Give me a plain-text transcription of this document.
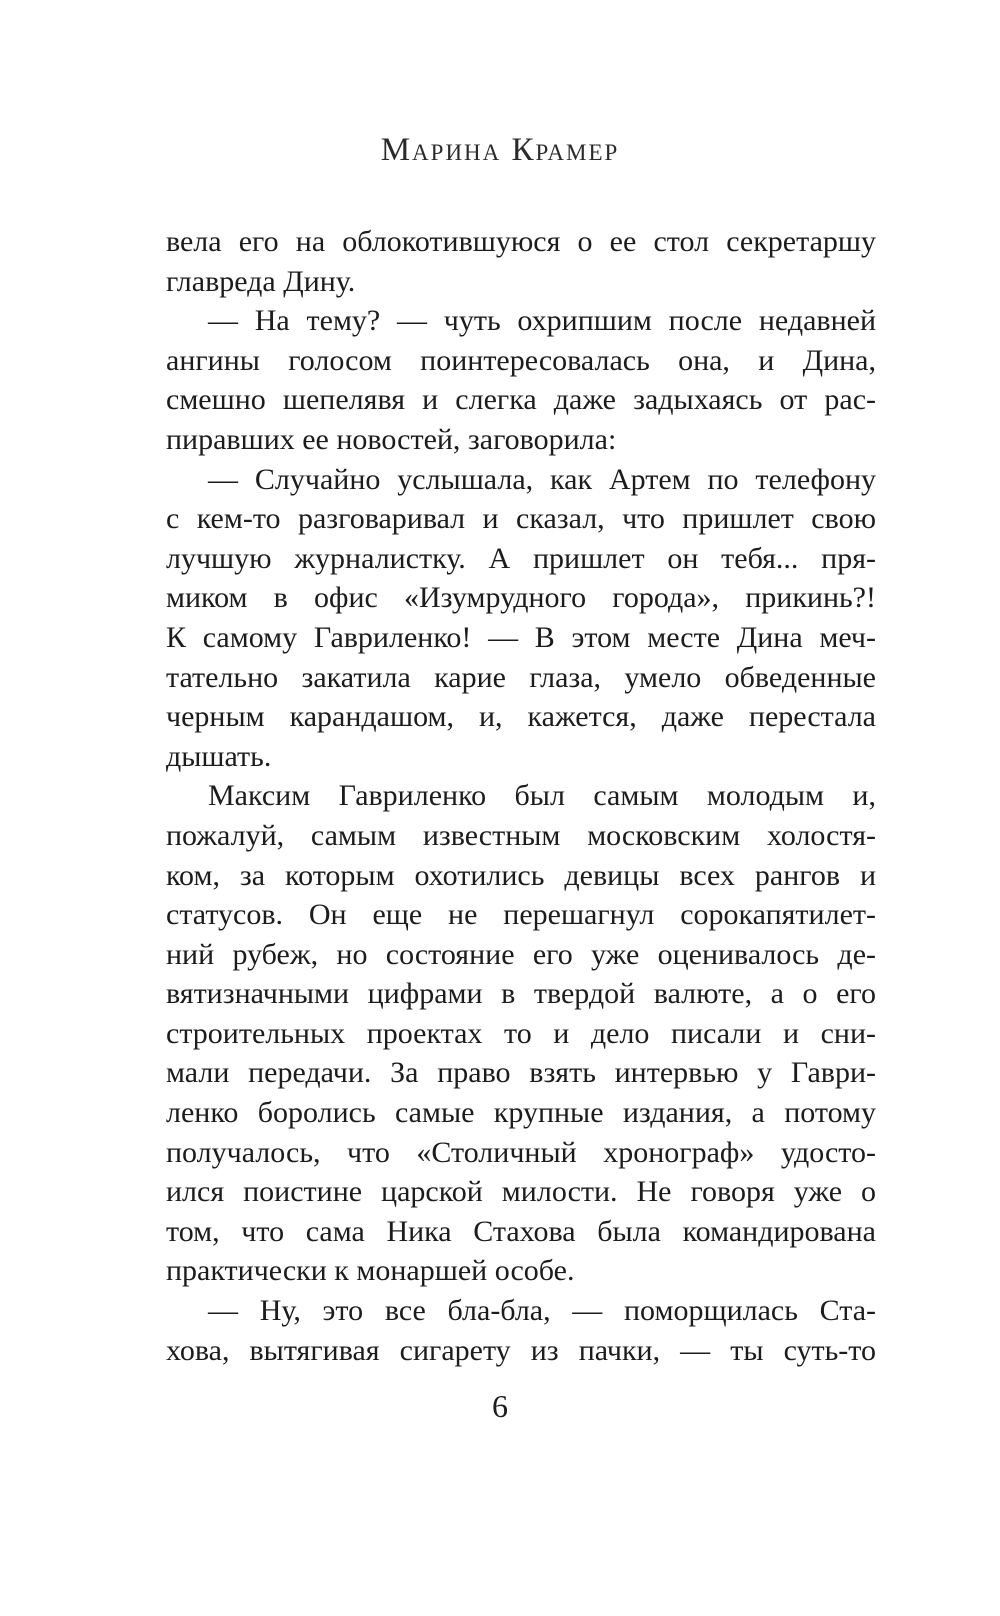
Марина Крамер
вела его на облокотившуюся о ее стол секретаршу
главреда Дину.
— На тему? — чуть охрипшим после недавней
ангины голосом поинтересовалась она, и Дина,
смешно шепелявя и слегка даже задыхаясь от рас-
пиравших ее новостей, заговорила:
— Случайно услышала, как Артем по телефону
с кем-то разговаривал и сказал, что пришлет свою
лучшую журналистку. А пришлет он тебя... пря-
миком в офис «Изумрудного города», прикинь?!
К самому Гавриленко! — В этом месте Дина меч-
тательно закатила карие глаза, умело обведенные
черным карандашом, и, кажется, даже перестала
дышать.
Максим Гавриленко был самым молодым и,
пожалуй, самым известным московским холостя-
ком, за которым охотились девицы всех рангов и
статусов. Он еще не перешагнул сорокапятилет-
ний рубеж, но состояние его уже оценивалось де-
вятизначными цифрами в твердой валюте, а о его
строительных проектах то и дело писали и сни-
мали передачи. За право взять интервью у Гаври-
ленко боролись самые крупные издания, а потому
получалось, что «Столичный хронограф» удосто-
ился поистине царской милости. Не говоря уже о
том, что сама Ника Стахова была командирована
практически к монаршей особе.
— Ну, это все бла-бла, — поморщилась Ста-
хова, вытягивая сигарету из пачки, — ты суть-то
6
